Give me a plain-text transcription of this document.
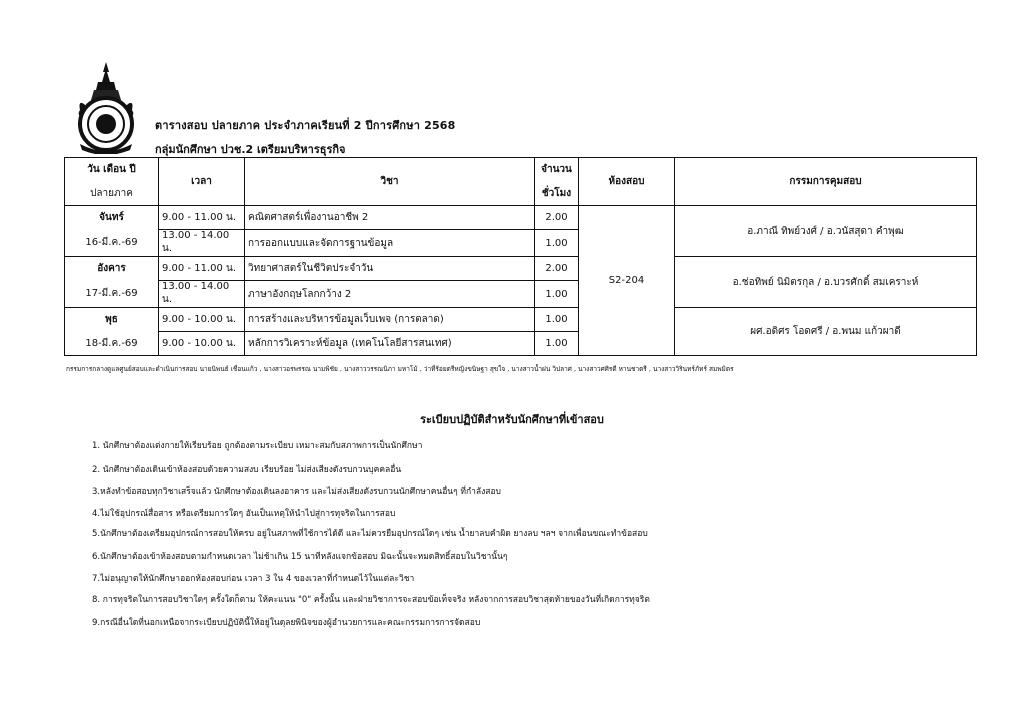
ตารางสอบ ปลายภาค ประจำภาคเรียนที่ 2 ปีการศึกษา 2568
กลุ่มนักศึกษา ปวช.2 เตรียมบริหารธุรกิจ
วัน เดือน ปี	เวลา	วิชา	จำนวน	ห้องสอบ	กรรมการคุมสอบ
ปลายภาค			ชั่วโมง		
จันทร์	9.00 - 11.00 น.	คณิตศาสตร์เพื่องานอาชีพ 2	2.00	S2-204	อ.ภาณี ทิพย์วงศ์ / อ.วนัสสุดา คำพุฒ
16-มี.ค.-69	13.00 - 14.00 น.	การออกแบบและจัดการฐานข้อมูล	1.00		
อังคาร	9.00 - 11.00 น.	วิทยาศาสตร์ในชีวิตประจำวัน	2.00		อ.ช่อทิพย์ นิมิตรกุล / อ.บวรศักดิ์ สมเคราะห์
17-มี.ค.-69	13.00 - 14.00 น.	ภาษาอังกฤษโลกกว้าง 2	1.00		
พุธ	9.00 - 10.00 น.	การสร้างและบริหารข้อมูลเว็บเพจ (การตลาด)	1.00		ผศ.อดิศร โอดศรี / อ.พนม แก้วผาดี
18-มี.ค.-69	9.00 - 10.00 น.	หลักการวิเคราะห์ข้อมูล (เทคโนโลยีสารสนเทศ)	1.00		
กรรมการกลางดูแลศูนย์สอบและดำเนินการสอบ นายนิพนธ์ เชื่อนแก้ว , นางสาวอรพรรณ นามพิชัย , นางสาววรรณนิภา มหาโม้ , ว่าที่ร้อยตรีหญิงขนิษฐา สุขใจ , นางสาวน้ำฝน วิปลาศ , นางสาวศศิรดี หานชาตรี , นางสาววิรินทร์ภัทร์ สมพมิตร
ระเบียบปฏิบัติสำหรับนักศึกษาที่เข้าสอบ
1. นักศึกษาต้องแต่งกายให้เรียบร้อย ถูกต้องตามระเบียบ เหมาะสมกับสภาพการเป็นนักศึกษา
2. นักศึกษาต้องเดินเข้าห้องสอบด้วยความสงบ เรียบร้อย ไม่ส่งเสียงดังรบกวนบุคคลอื่น
3.หลังทำข้อสอบทุกวิชาเสร็จแล้ว นักศึกษาต้องเดินลงอาคาร และไม่ส่งเสียงดังรบกวนนักศึกษาคนอื่นๆ ที่กำลังสอบ
4.ไม่ใช้อุปกรณ์สื่อสาร หรือเตรียมการใดๆ อันเป็นเหตุให้นำไปสู่การทุจริตในการสอบ
5.นักศึกษาต้องเตรียมอุปกรณ์การสอบให้ครบ อยู่ในสภาพที่ใช้การได้ดี และไม่ควรยืมอุปกรณ์ใดๆ เช่น น้ำยาลบคำผิด ยางลบ ฯลฯ จากเพื่อนขณะทำข้อสอบ
6.นักศึกษาต้องเข้าห้องสอบตามกำหนดเวลา ไม่ช้าเกิน 15 นาทีหลังแจกข้อสอบ มิฉะนั้นจะหมดสิทธิ์สอบในวิชานั้นๆ
7.ไม่อนุญาตให้นักศึกษาออกห้องสอบก่อน เวลา 3 ใน 4 ของเวลาที่กำหนดไว้ในแต่ละวิชา
8. การทุจริตในการสอบวิชาใดๆ ครั้งใดก็ตาม ให้คะแนน "0" ครั้งนั้น และฝ่ายวิชาการจะสอบข้อเท็จจริง หลังจากการสอบวิชาสุดท้ายของวันที่เกิดการทุจริต
9.กรณีอื่นใดที่นอกเหนือจากระเบียบปฏิบัตินี้ให้อยู่ในดุลยพินิจของผู้อำนวยการและคณะกรรมการการจัดสอบ
